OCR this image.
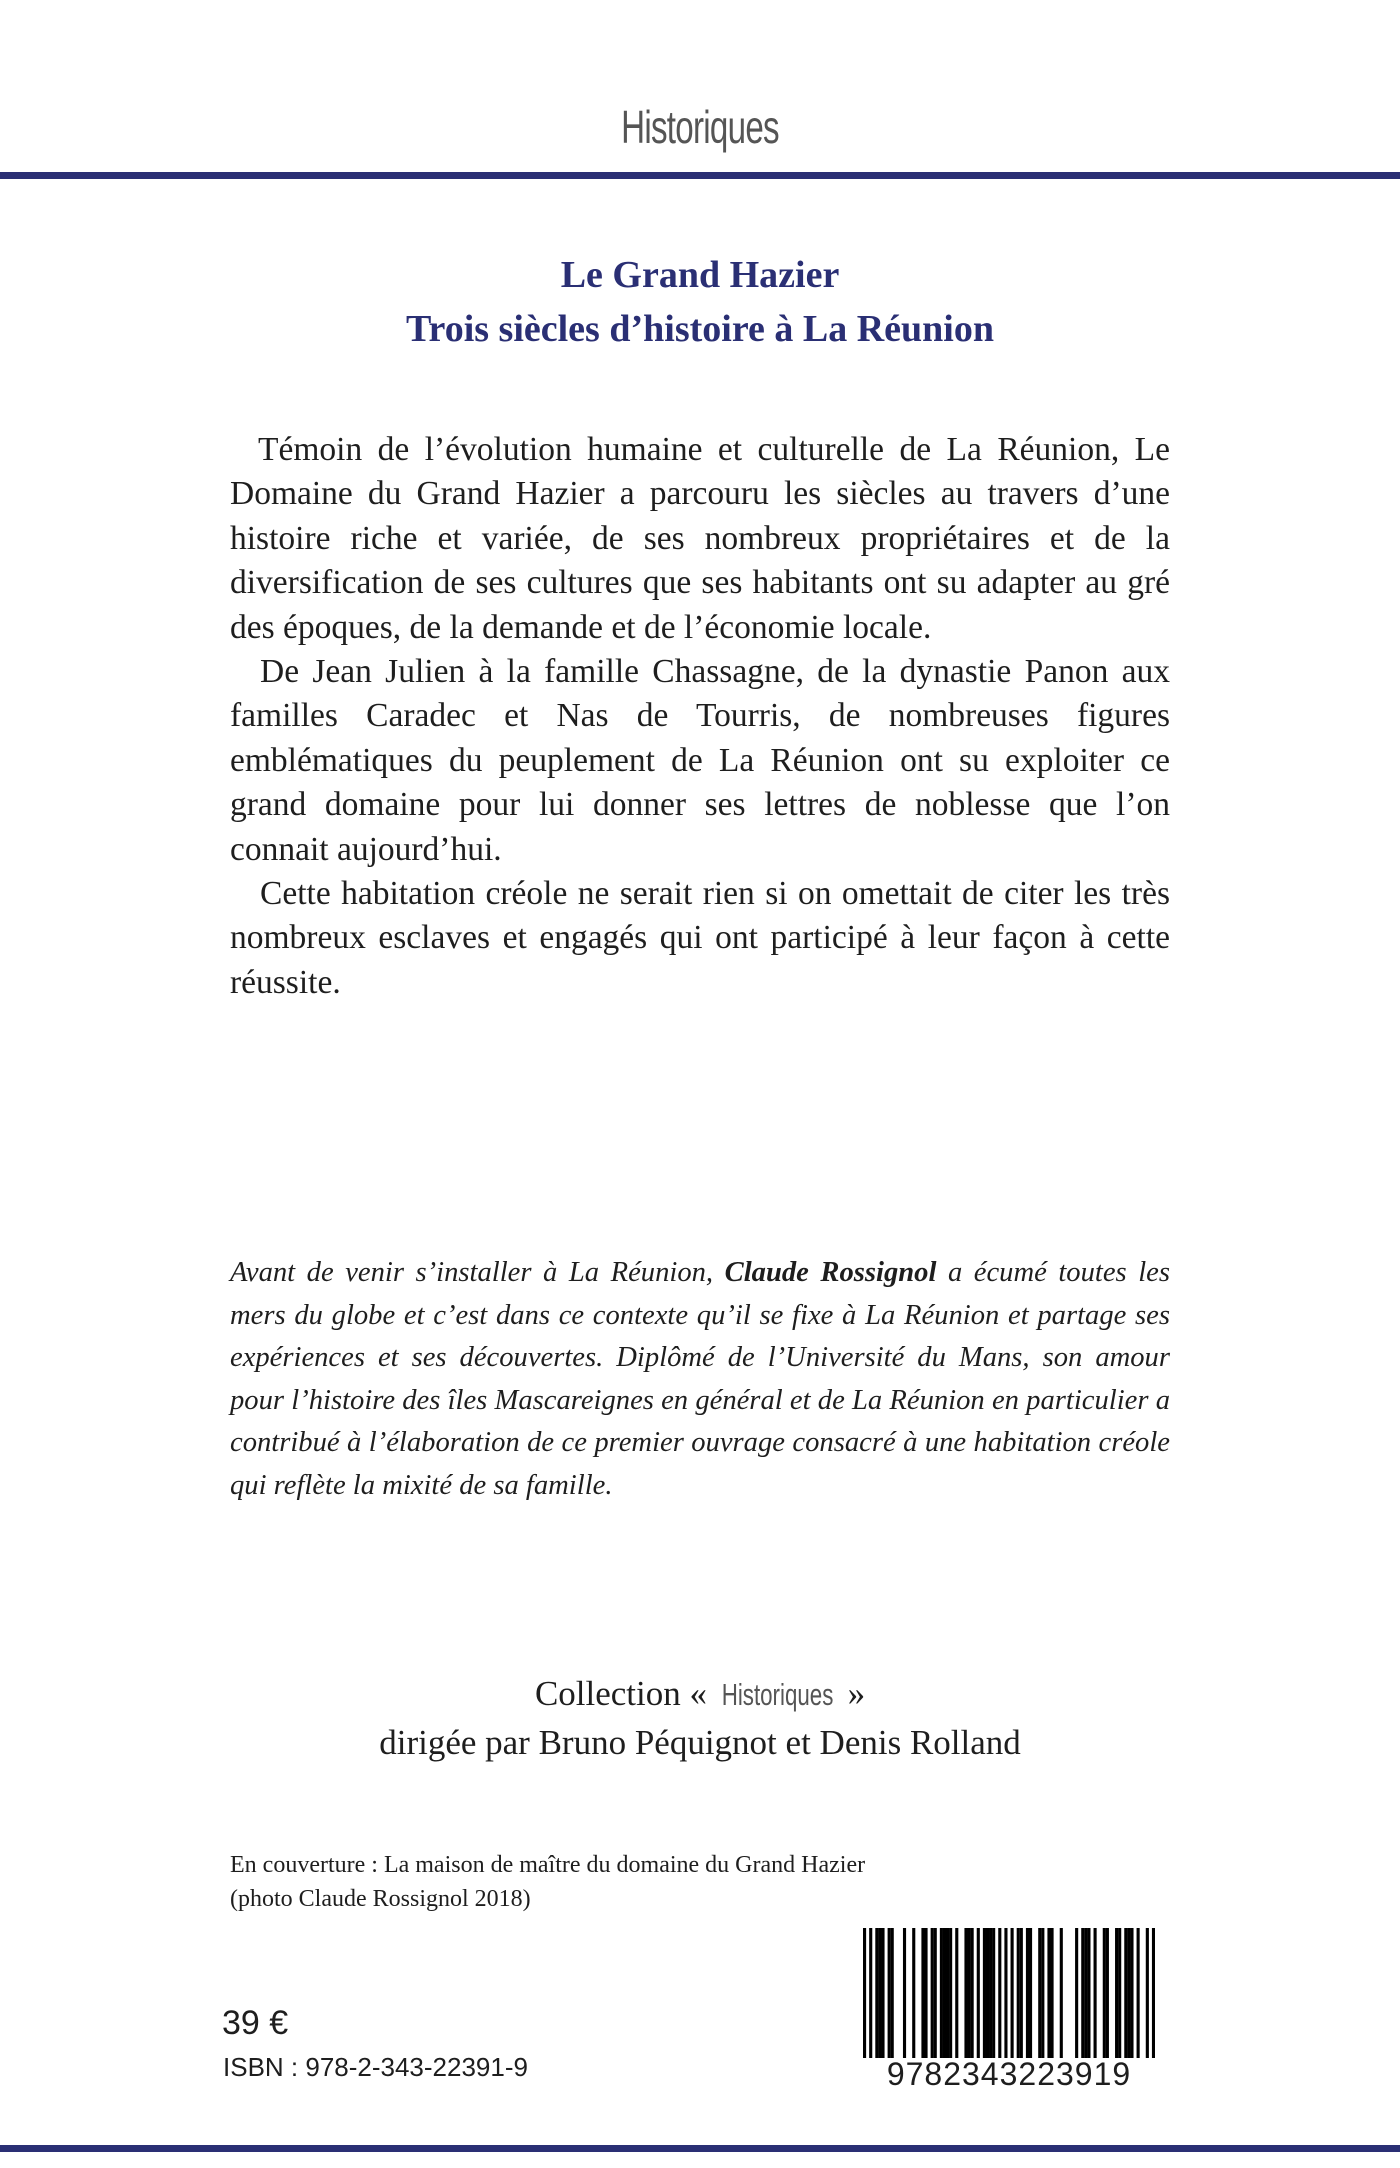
Historiques
Le Grand Hazier
Trois siècles d’histoire à La Réunion

Témoin de l’évolution humaine et culturelle de La Réunion, Le Domaine du Grand Hazier a parcouru les siècles au travers d’une histoire riche et variée, de ses nombreux propriétaires et de la diversification de ses cultures que ses habitants ont su adapter au gré des époques, de la demande et de l’économie locale.

De Jean Julien à la famille Chassagne, de la dynastie Panon aux familles Caradec et Nas de Tourris, de nombreuses figures emblématiques du peuplement de La Réunion ont su exploiter ce grand domaine pour lui donner ses lettres de noblesse que l’on connait aujourd’hui.

Cette habitation créole ne serait rien si on omettait de citer les très nombreux esclaves et engagés qui ont participé à leur façon à cette réussite.

Avant de venir s’installer à La Réunion, Claude Rossignol a écumé toutes les mers du globe et c’est dans ce contexte qu’il se fixe à La Réunion et partage ses expériences et ses découvertes. Diplômé de l’Université du Mans, son amour pour l’histoire des îles Mascareignes en général et de La Réunion en particulier a contribué à l’élaboration de ce premier ouvrage consacré à une habitation créole qui reflète la mixité de sa famille.
Collection « Historiques »
dirigée par Bruno Péquignot et Denis Rolland
En couverture : La maison de maître du domaine du Grand Hazier
(photo Claude Rossignol 2018)
39 €
ISBN : 978-2-343-22391-9	9782343223919
